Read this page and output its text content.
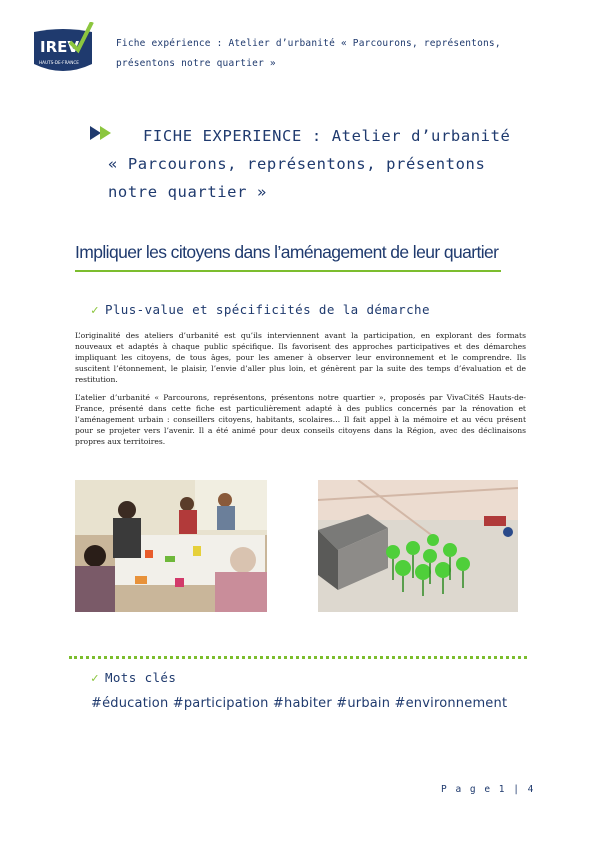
IREV
HAUTS-DE-FRANCE
Fiche expérience : Atelier d’urbanité « Parcourons, représentons,
présentons notre quartier »
FICHE EXPERIENCE : Atelier d’urbanité
« Parcourons, représentons, présentons
notre quartier »
Impliquer les citoyens dans l’aménagement de leur quartier
✓ Plus-value et spécificités de la démarche
L’originalité des ateliers d’urbanité est qu’ils interviennent avant la participation, en explorant des formats nouveaux et adaptés à chaque public spécifique. Ils favorisent des approches participatives et des démarches impliquant les citoyens, de tous âges, pour les amener à observer leur environnement et le comprendre. Ils suscitent l’étonnement, le plaisir, l’envie d’aller plus loin, et génèrent par la suite des temps d’évaluation et de restitution.
L’atelier d’urbanité « Parcourons, représentons, présentons notre quartier », proposés par VivaCitéS Hauts-de-France, présenté dans cette fiche est particulièrement adapté à des publics concernés par la rénovation et l’aménagement urbain : conseillers citoyens, habitants, scolaires… Il fait appel à la mémoire et au vécu présent pour se projeter vers l’avenir. Il a été animé pour deux conseils citoyens dans la Région, avec des déclinaisons propres aux territoires.
✓ Mots clés
#éducation #participation #habiter #urbain #environnement
P a g e 1 | 4
